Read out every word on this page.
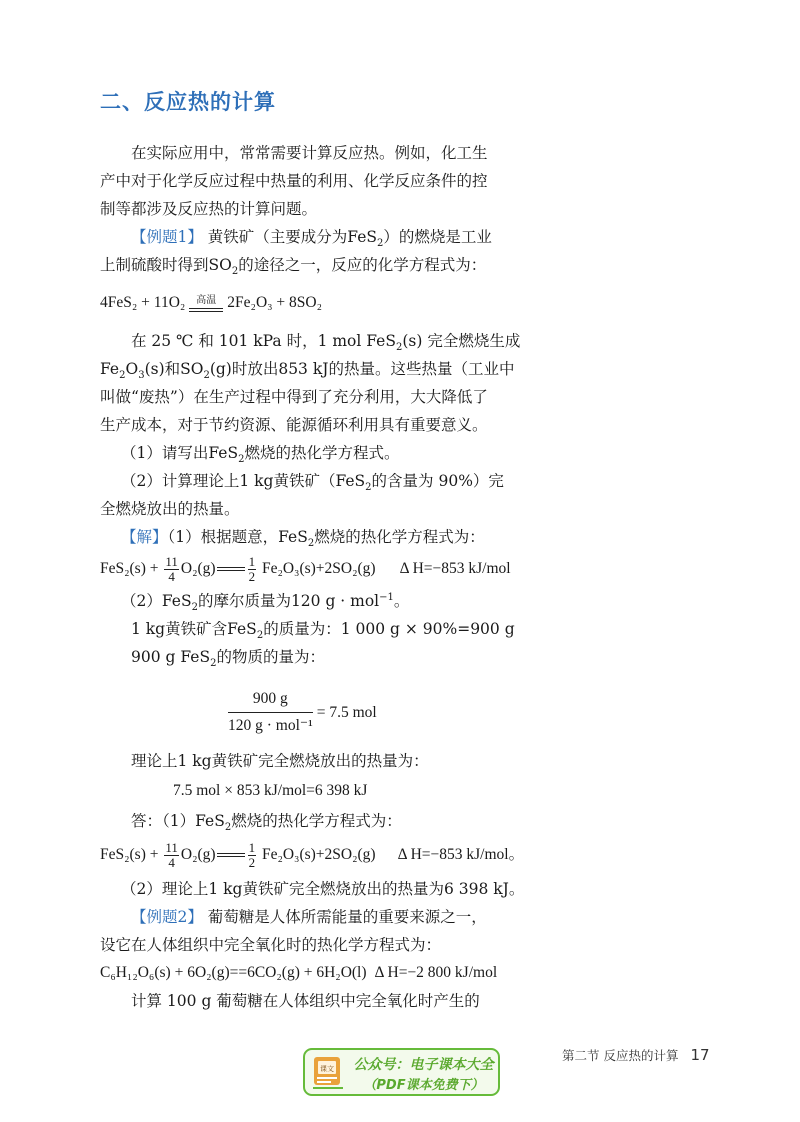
二、反应热的计算

在实际应用中，常常需要计算反应热。例如，化工生

产中对于化学反应过程中热量的利用、化学反应条件的控

制等都涉及反应热的计算问题。

【例题1】 黄铁矿（主要成分为FeS$_2$）的燃烧是工业

上制硫酸时得到$SO_2$的途径之一，反应的化学方程式为：

4FeS₂ + 11O₂	高温 2Fe₂O₃ + 8SO₂

在 25 ℃ 和 101 kPa 时，1 mol FeS$_2$(s) 完全燃烧生成

$Fe_2O_3(s)$和$SO_2(g)$时放出853 kJ的热量。这些热量（工业中

叫做“废热”）在生产过程中得到了充分利用，大大降低了

生产成本，对于节约资源、能源循环利用具有重要意义。

（1）请写出FeS$_2$燃烧的热化学方程式。

（2）计算理论上1 kg黄铁矿（FeS$_2$的含量为 90%）完

全燃烧放出的热量。

【解】（1）根据题意，FeS$_2$燃烧的热化学方程式为：

$FeS_2(s) + \frac{11}{4} O_2(g) \frac{1}{2} Fe_2O_3(s)+2SO_2(g)$ Δ H=−853 kJ/mol

（2）FeS$_2$的摩尔质量为120 g · mol$^{-1}$。

1 kg黄铁矿含FeS$_2$的质量为：1 000 g × 90%=900 g

900 g FeS$_2$的物质的量为：

理论上1 kg黄铁矿完全燃烧放出的热量为：

7.5 mol × 853 kJ/mol=6 398 kJ

答：（1）FeS$_2$燃烧的热化学方程式为：

$FeS_2(s) + \frac{11}{4} O_2(g) \frac{1}{2} Fe_2O_3(s)+2SO_2(g)$ Δ H=−853 kJ/mol。

（2）理论上1 kg黄铁矿完全燃烧放出的热量为6 398 kJ。

【例题2】 葡萄糖是人体所需能量的重要来源之一，

设它在人体组织中完全氧化时的热化学方程式为：

C₆H₁₂O₆(s) + 6O₂(g)==6CO₂(g) + 6H₂O(l) Δ H=−2 800 kJ/mol

计算 100 g 葡萄糖在人体组织中完全氧化时产生的

900 g
120 g · mol⁻¹
= 7.5 mol
课文 公众号：电子课本大全
（PDF课本免费下）
第二节 反应热的计算 17
